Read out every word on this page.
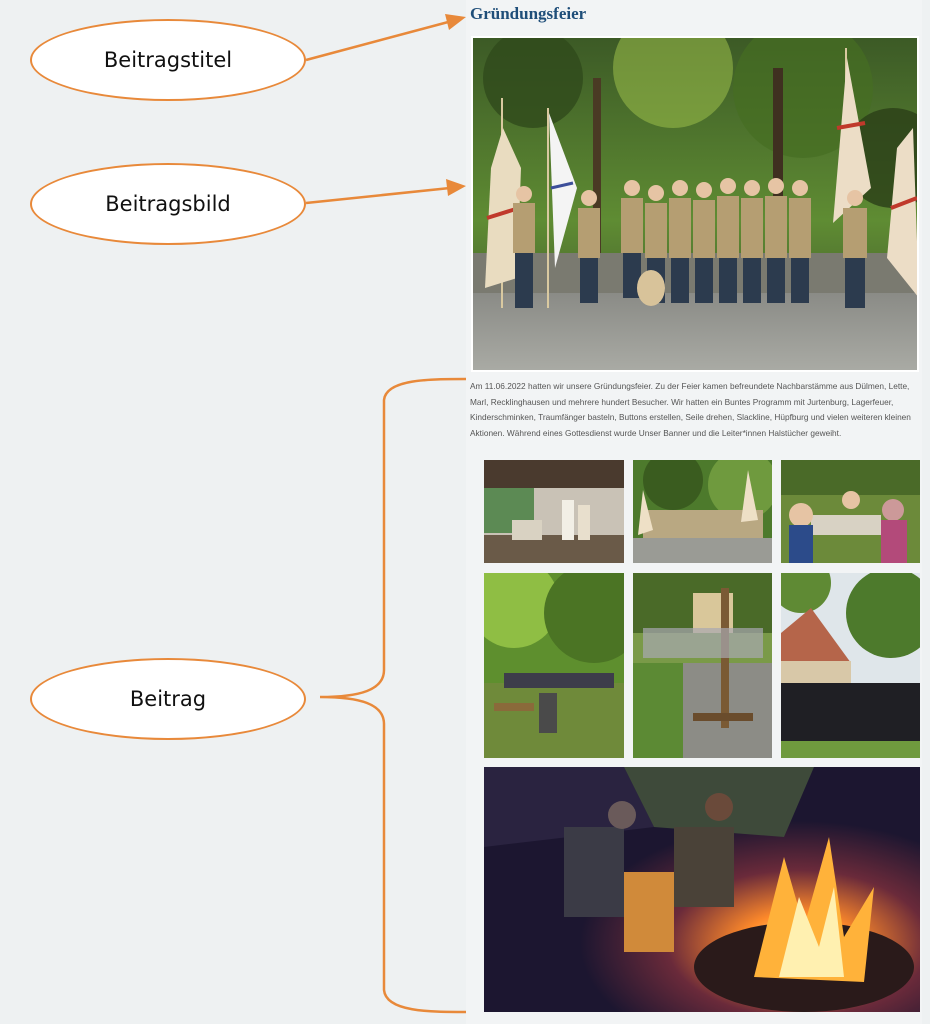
Gründungsfeier
Am 11.06.2022 hatten wir unsere Gründungsfeier. Zu der Feier kamen befreundete Nachbarstämme aus Dülmen, Lette, Marl, Recklinghausen und mehrere hundert Besucher. Wir hatten ein Buntes Programm mit Jurtenburg, Lagerfeuer, Kinderschminken, Traumfänger basteln, Buttons erstellen, Seile drehen, Slackline, Hüpfburg und vielen weiteren kleinen Aktionen. Während eines Gottesdienst wurde Unser Banner und die Leiter*innen Halstücher geweiht.
Beitragstitel
Beitragsbild
Beitrag
